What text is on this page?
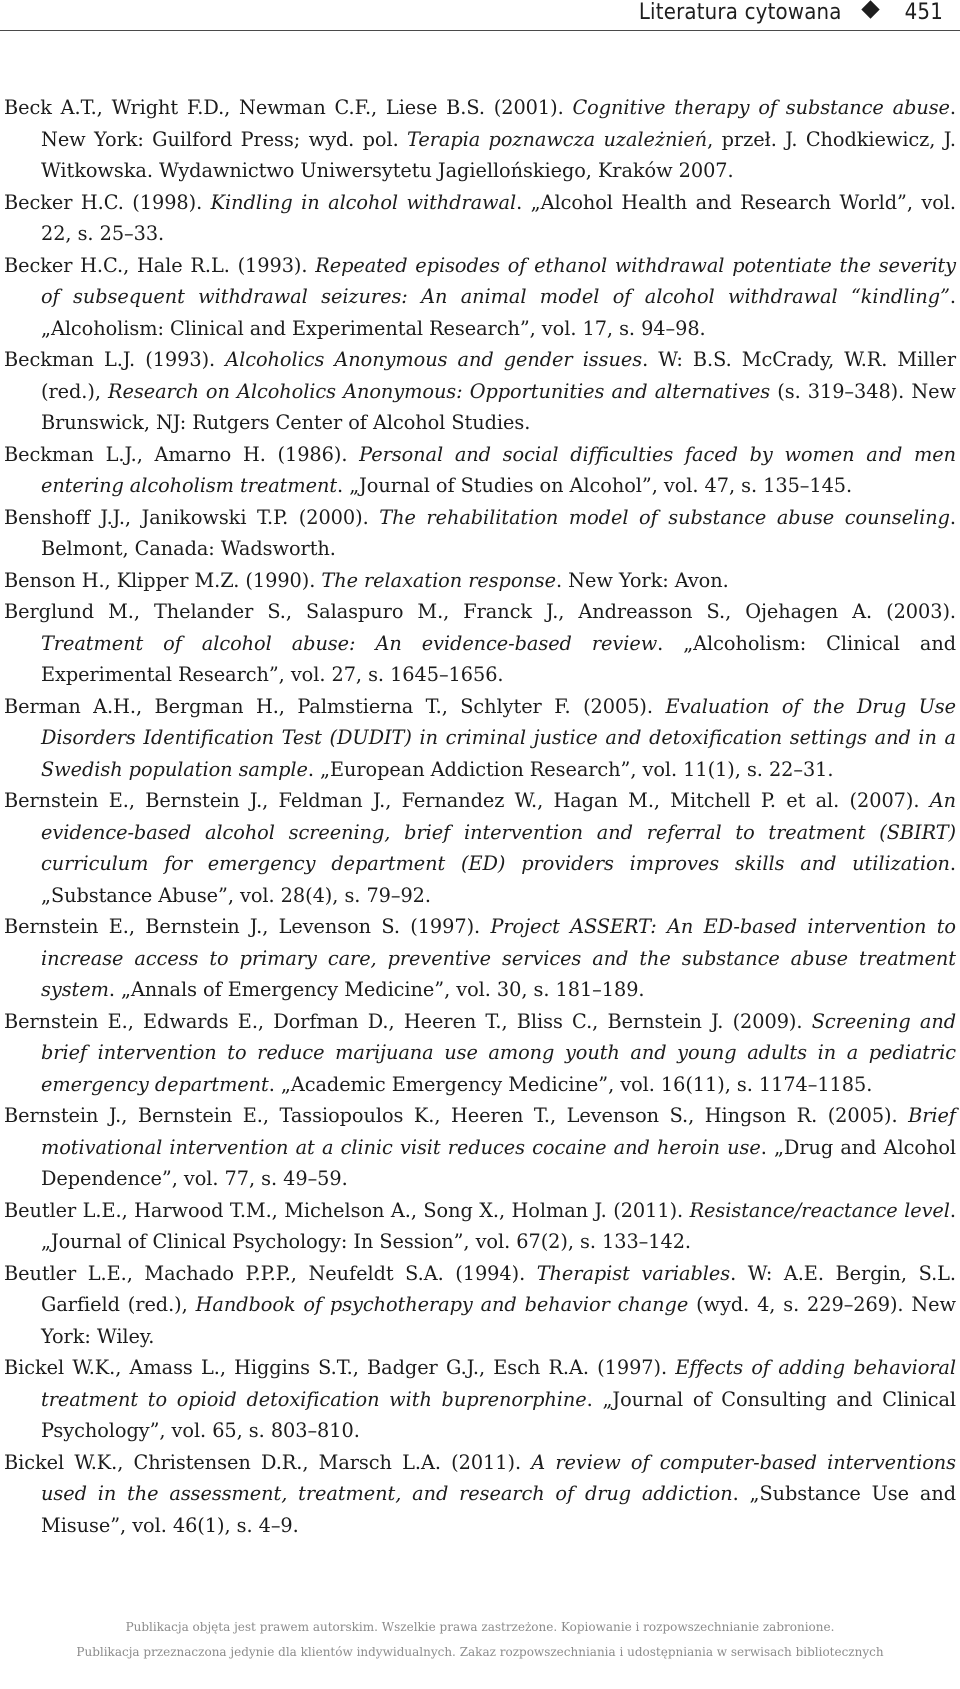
Literatura cytowana	451

Beck A.T., Wright F.D., Newman C.F., Liese B.S. (2001). Cognitive therapy of substance abuse. New York: Guilford Press; wyd. pol. Terapia poznawcza uzależnień, przeł. J. Chodkiewicz, J. Witkowska. Wydawnictwo Uniwersytetu Jagiellońskiego, Kraków 2007.

Becker H.C. (1998). Kindling in alcohol withdrawal. „Alcohol Health and Research World”, vol. 22, s. 25–33.

Becker H.C., Hale R.L. (1993). Repeated episodes of ethanol withdrawal potentiate the severity of subsequent withdrawal seizures: An animal model of alcohol withdrawal “kindling”. „Alcoholism: Clinical and Experimental Research”, vol. 17, s. 94–98.

Beckman L.J. (1993). Alcoholics Anonymous and gender issues. W: B.S. McCrady, W.R. Miller (red.), Research on Alcoholics Anonymous: Opportunities and alternatives (s. 319–348). New Brunswick, NJ: Rutgers Center of Alcohol Studies.

Beckman L.J., Amarno H. (1986). Personal and social difficulties faced by women and men entering alcoholism treatment. „Journal of Studies on Alcohol”, vol. 47, s. 135–145.

Benshoff J.J., Janikowski T.P. (2000). The rehabilitation model of substance abuse counseling. Belmont, Canada: Wadsworth.

Benson H., Klipper M.Z. (1990). The relaxation response. New York: Avon.

Berglund M., Thelander S., Salaspuro M., Franck J., Andreasson S., Ojehagen A. (2003). Treatment of alcohol abuse: An evidence-based review. „Alcoholism: Clinical and Experimental Research”, vol. 27, s. 1645–1656.

Berman A.H., Bergman H., Palmstierna T., Schlyter F. (2005). Evaluation of the Drug Use Disorders Identification Test (DUDIT) in criminal justice and detoxification settings and in a Swedish population sample. „European Addiction Research”, vol. 11(1), s. 22–31.

Bernstein E., Bernstein J., Feldman J., Fernandez W., Hagan M., Mitchell P. et al. (2007). An evidence-based alcohol screening, brief intervention and referral to treatment (SBIRT) curriculum for emergency department (ED) providers improves skills and utilization. „Substance Abuse”, vol. 28(4), s. 79–92.

Bernstein E., Bernstein J., Levenson S. (1997). Project ASSERT: An ED-based intervention to increase access to primary care, preventive services and the substance abuse treatment system. „Annals of Emergency Medicine”, vol. 30, s. 181–189.

Bernstein E., Edwards E., Dorfman D., Heeren T., Bliss C., Bernstein J. (2009). Screening and brief intervention to reduce marijuana use among youth and young adults in a pediatric emergency department. „Academic Emergency Medicine”, vol. 16(11), s. 1174–1185.

Bernstein J., Bernstein E., Tassiopoulos K., Heeren T., Levenson S., Hingson R. (2005). Brief motivational intervention at a clinic visit reduces cocaine and heroin use. „Drug and Alcohol Dependence”, vol. 77, s. 49–59.

Beutler L.E., Harwood T.M., Michelson A., Song X., Holman J. (2011). Resistance/reactance level. „Journal of Clinical Psychology: In Session”, vol. 67(2), s. 133–142.

Beutler L.E., Machado P.P.P., Neufeldt S.A. (1994). Therapist variables. W: A.E. Bergin, S.L. Garfield (red.), Handbook of psychotherapy and behavior change (wyd. 4, s. 229–269). New York: Wiley.

Bickel W.K., Amass L., Higgins S.T., Badger G.J., Esch R.A. (1997). Effects of adding behavioral treatment to opioid detoxification with buprenorphine. „Journal of Consulting and Clinical Psychology”, vol. 65, s. 803–810.

Bickel W.K., Christensen D.R., Marsch L.A. (2011). A review of computer-based interventions used in the assessment, treatment, and research of drug addiction. „Substance Use and Misuse”, vol. 46(1), s. 4–9.

Publikacja objęta jest prawem autorskim. Wszelkie prawa zastrzeżone. Kopiowanie i rozpowszechnianie zabronione.
Publikacja przeznaczona jedynie dla klientów indywidualnych. Zakaz rozpowszechniania i udostępniania w serwisach bibliotecznych
